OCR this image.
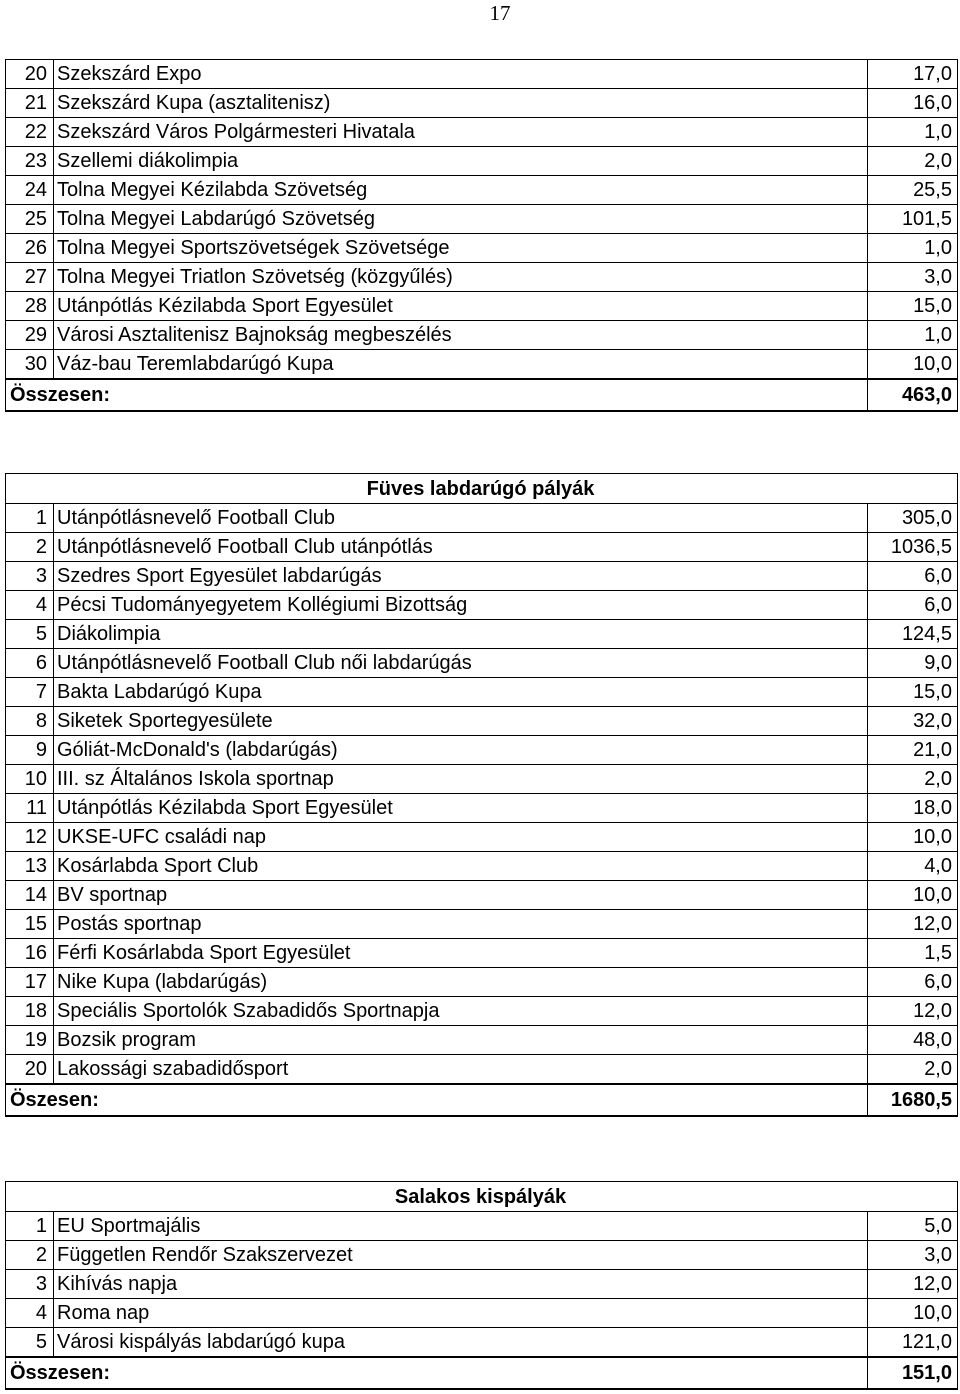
17
20	Szekszárd Expo	17,0
21	Szekszárd Kupa (asztalitenisz)	16,0
22	Szekszárd Város Polgármesteri Hivatala	1,0
23	Szellemi diákolimpia	2,0
24	Tolna Megyei Kézilabda Szövetség	25,5
25	Tolna Megyei Labdarúgó Szövetség	101,5
26	Tolna Megyei Sportszövetségek Szövetsége	1,0
27	Tolna Megyei Triatlon Szövetség (közgyűlés)	3,0
28	Utánpótlás Kézilabda Sport Egyesület	15,0
29	Városi Asztalitenisz Bajnokság megbeszélés	1,0
30	Váz-bau Teremlabdarúgó Kupa	10,0
Összesen:		463,0
Füves labdarúgó pályák		
1	Utánpótlásnevelő Football Club	305,0
2	Utánpótlásnevelő Football Club utánpótlás	1036,5
3	Szedres Sport Egyesület labdarúgás	6,0
4	Pécsi Tudományegyetem Kollégiumi Bizottság	6,0
5	Diákolimpia	124,5
6	Utánpótlásnevelő Football Club női labdarúgás	9,0
7	Bakta Labdarúgó Kupa	15,0
8	Siketek Sportegyesülete	32,0
9	Góliát-McDonald's (labdarúgás)	21,0
10	III. sz Általános Iskola sportnap	2,0
11	Utánpótlás Kézilabda Sport Egyesület	18,0
12	UKSE-UFC családi nap	10,0
13	Kosárlabda Sport Club	4,0
14	BV sportnap	10,0
15	Postás sportnap	12,0
16	Férfi Kosárlabda Sport Egyesület	1,5
17	Nike Kupa (labdarúgás)	6,0
18	Speciális Sportolók Szabadidős Sportnapja	12,0
19	Bozsik program	48,0
20	Lakossági szabadidősport	2,0
Öszesen:		1680,5
Salakos kispályák		
1	EU Sportmajális	5,0
2	Független Rendőr Szakszervezet	3,0
3	Kihívás napja	12,0
4	Roma nap	10,0
5	Városi kispályás labdarúgó kupa	121,0
Összesen:		151,0
